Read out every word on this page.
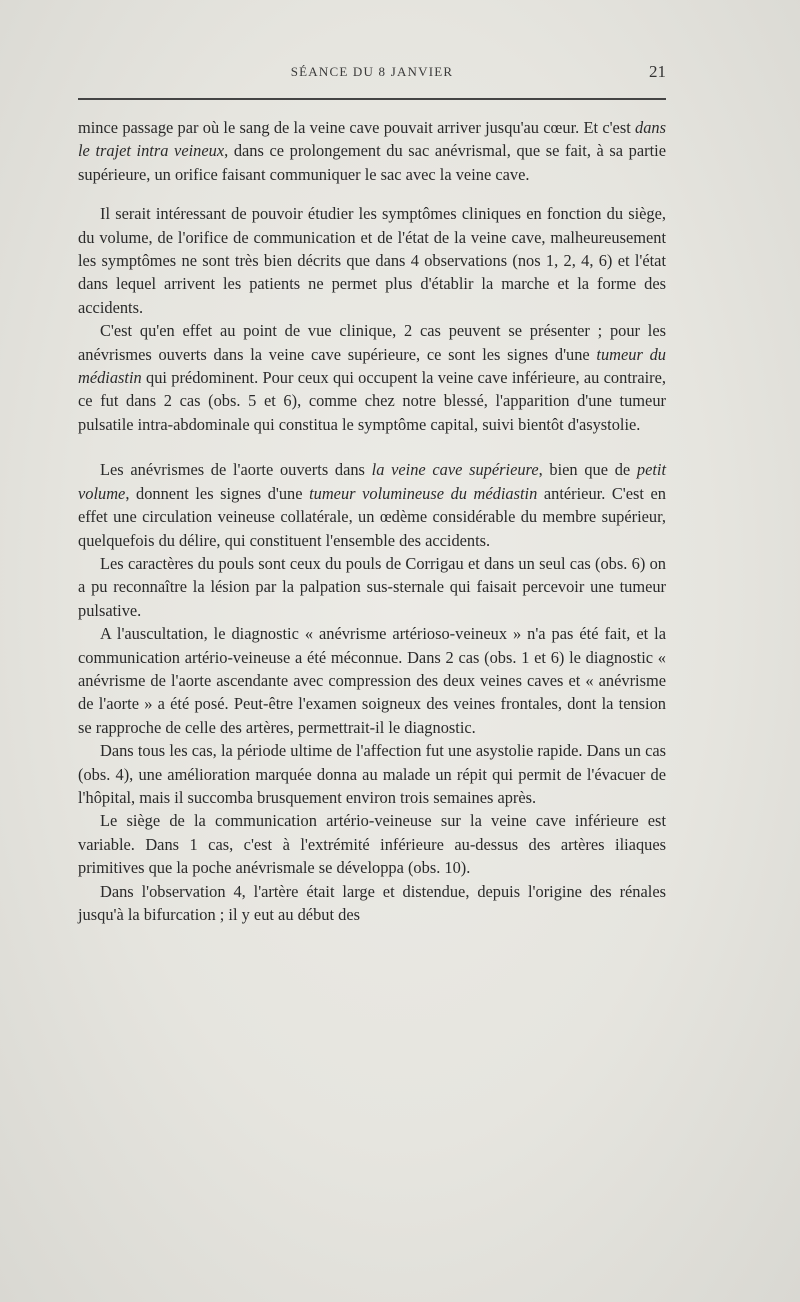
SÉANCE DU 8 JANVIER	21

mince passage par où le sang de la veine cave pouvait arriver jusqu'au cœur. Et c'est dans le trajet intra veineux, dans ce prolongement du sac anévrismal, que se fait, à sa partie supérieure, un orifice faisant communiquer le sac avec la veine cave.

Il serait intéressant de pouvoir étudier les symptômes cliniques en fonction du siège, du volume, de l'orifice de communication et de l'état de la veine cave, malheureusement les symptômes ne sont très bien décrits que dans 4 observations (nos 1, 2, 4, 6) et l'état dans lequel arrivent les patients ne permet plus d'établir la marche et la forme des accidents.

C'est qu'en effet au point de vue clinique, 2 cas peuvent se présenter ; pour les anévrismes ouverts dans la veine cave supérieure, ce sont les signes d'une tumeur du médiastin qui prédominent. Pour ceux qui occupent la veine cave inférieure, au contraire, ce fut dans 2 cas (obs. 5 et 6), comme chez notre blessé, l'apparition d'une tumeur pulsatile intra-abdominale qui constitua le symptôme capital, suivi bientôt d'asystolie.

Les anévrismes de l'aorte ouverts dans la veine cave supérieure, bien que de petit volume, donnent les signes d'une tumeur volumineuse du médiastin antérieur. C'est en effet une circulation veineuse collatérale, un œdème considérable du membre supérieur, quelquefois du délire, qui constituent l'ensemble des accidents.

Les caractères du pouls sont ceux du pouls de Corrigau et dans un seul cas (obs. 6) on a pu reconnaître la lésion par la palpation sus-sternale qui faisait percevoir une tumeur pulsative.

A l'auscultation, le diagnostic « anévrisme artérioso-veineux » n'a pas été fait, et la communication artério-veineuse a été méconnue. Dans 2 cas (obs. 1 et 6) le diagnostic « anévrisme de l'aorte ascendante avec compression des deux veines caves et « anévrisme de l'aorte » a été posé. Peut-être l'examen soigneux des veines frontales, dont la tension se rapproche de celle des artères, permettrait-il le diagnostic.

Dans tous les cas, la période ultime de l'affection fut une asystolie rapide. Dans un cas (obs. 4), une amélioration marquée donna au malade un répit qui permit de l'évacuer de l'hôpital, mais il succomba brusquement environ trois semaines après.

Le siège de la communication artério-veineuse sur la veine cave inférieure est variable. Dans 1 cas, c'est à l'extrémité inférieure au-dessus des artères iliaques primitives que la poche anévrismale se développa (obs. 10).

Dans l'observation 4, l'artère était large et distendue, depuis l'origine des rénales jusqu'à la bifurcation ; il y eut au début des
